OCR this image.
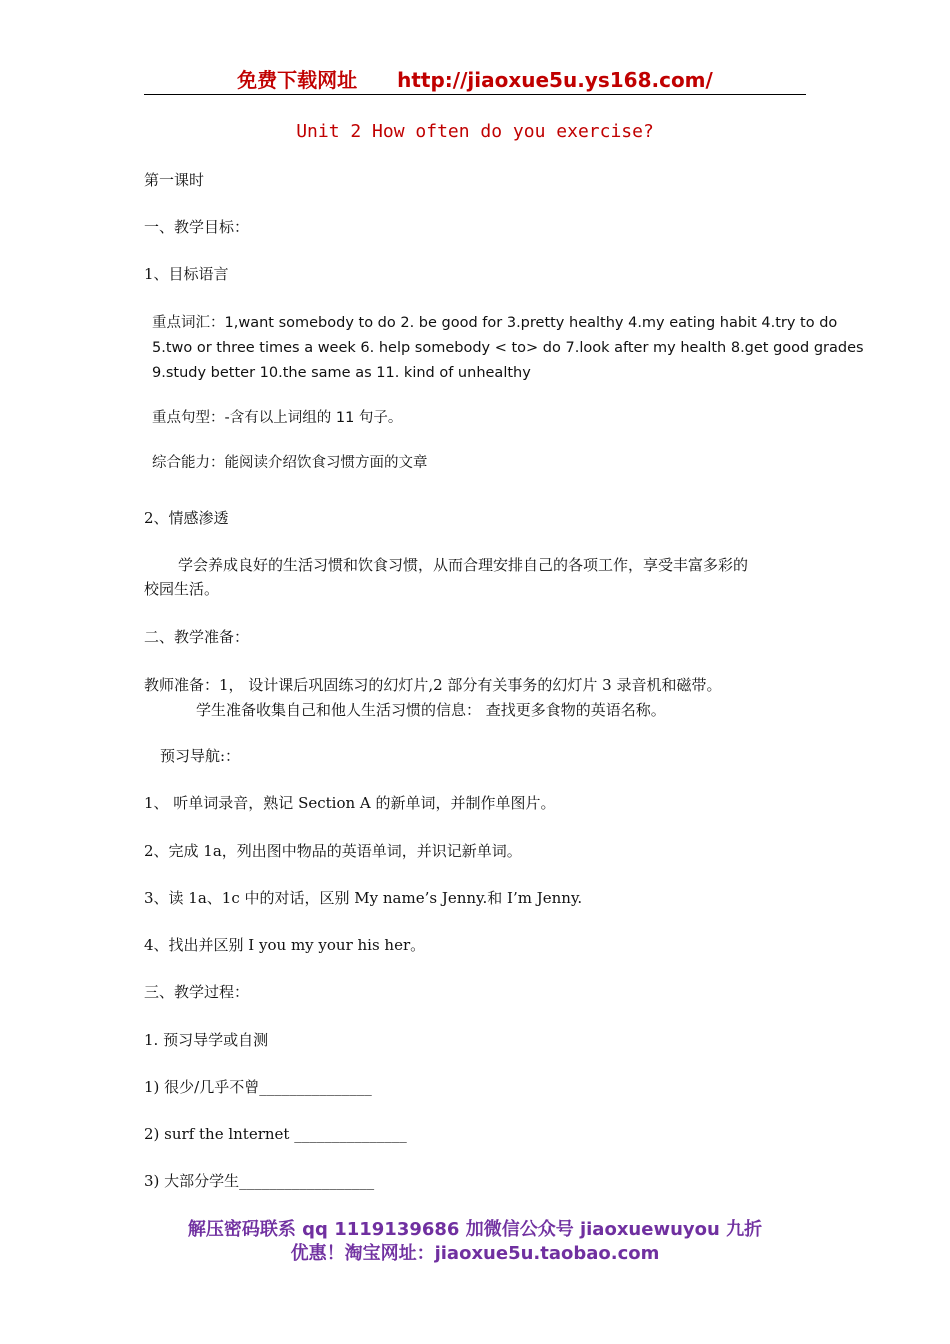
免费下载网址 http://jiaoxue5u.ys168.com/
Unit 2 How often do you exercise?
第一课时
一、教学目标：
1、目标语言
重点词汇：1,want somebody to do 2. be good for 3.pretty healthy 4.my eating habit 4.try to do
5.two or three times a week 6. help somebody < to> do 7.look after my health 8.get good grades
9.study better 10.the same as 11. kind of unhealthy
重点句型：-含有以上词组的 11 句子。
综合能力：能阅读介绍饮食习惯方面的文章
2、情感渗透
学会养成良好的生活习惯和饮食习惯，从而合理安排自己的各项工作，享受丰富多彩的
校园生活。
二、教学准备：
教师准备：1， 设计课后巩固练习的幻灯片,2 部分有关事务的幻灯片 3 录音机和磁带。
学生准备收集自己和他人生活习惯的信息： 查找更多食物的英语名称。
预习导航:：
1、 听单词录音，熟记 Section A 的新单词，并制作单图片。
2、完成 1a，列出图中物品的英语单词，并识记新单词。
3、读 1a、1c 中的对话，区别 My name’s Jenny.和 I’m Jenny.
4、找出并区别 I you my your his her。
三、教学过程：
1. 预习导学或自测
1) 很少/几乎不曾_______________
2) surf the lnternet _______________
3) 大部分学生__________________
解压密码联系 qq 1119139686 加微信公众号 jiaoxuewuyou 九折
优惠！淘宝网址：jiaoxue5u.taobao.com
